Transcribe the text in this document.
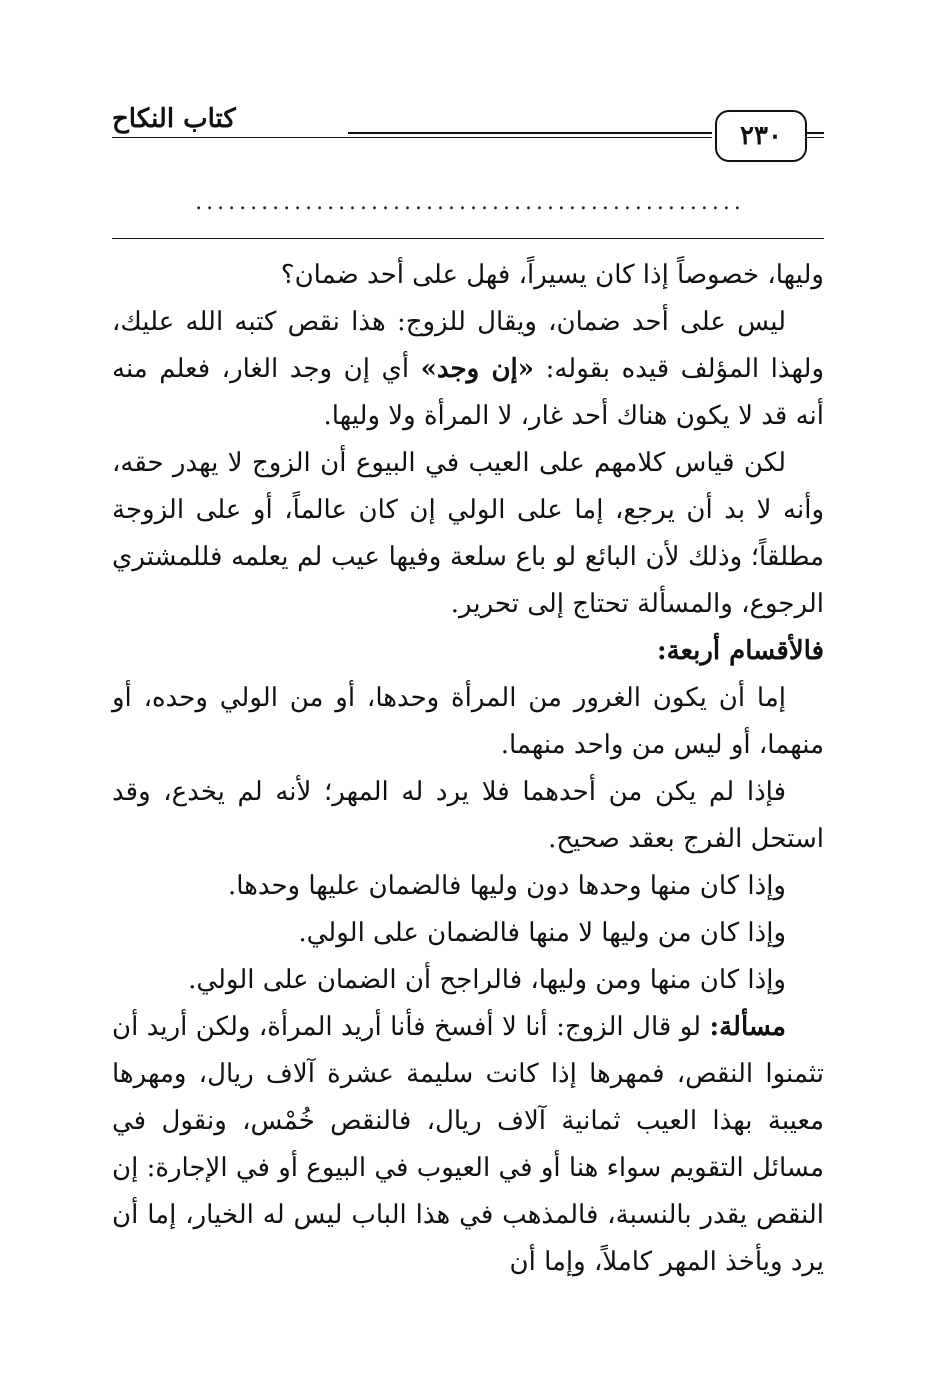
كتاب النكاح
٢٣٠
..................................................

وليها، خصوصاً إذا كان يسيراً، فهل على أحد ضمان؟

ليس على أحد ضمان، ويقال للزوج: هذا نقص كتبه الله عليك، ولهذا المؤلف قيده بقوله: «إن وجد» أي إن وجد الغار، فعلم منه أنه قد لا يكون هناك أحد غار، لا المرأة ولا وليها.

لكن قياس كلامهم على العيب في البيوع أن الزوج لا يهدر حقه، وأنه لا بد أن يرجع، إما على الولي إن كان عالماً، أو على الزوجة مطلقاً؛ وذلك لأن البائع لو باع سلعة وفيها عيب لم يعلمه فللمشتري الرجوع، والمسألة تحتاج إلى تحرير.

فالأقسام أربعة:

إما أن يكون الغرور من المرأة وحدها، أو من الولي وحده، أو منهما، أو ليس من واحد منهما.

فإذا لم يكن من أحدهما فلا يرد له المهر؛ لأنه لم يخدع، وقد استحل الفرج بعقد صحيح.

وإذا كان منها وحدها دون وليها فالضمان عليها وحدها.

وإذا كان من وليها لا منها فالضمان على الولي.

وإذا كان منها ومن وليها، فالراجح أن الضمان على الولي.

مسألة: لو قال الزوج: أنا لا أفسخ فأنا أريد المرأة، ولكن أريد أن تثمنوا النقص، فمهرها إذا كانت سليمة عشرة آلاف ريال، ومهرها معيبة بهذا العيب ثمانية آلاف ريال، فالنقص خُمْس، ونقول في مسائل التقويم سواء هنا أو في العيوب في البيوع أو في الإجارة: إن النقص يقدر بالنسبة، فالمذهب في هذا الباب ليس له الخيار، إما أن يرد ويأخذ المهر كاملاً، وإما أن
